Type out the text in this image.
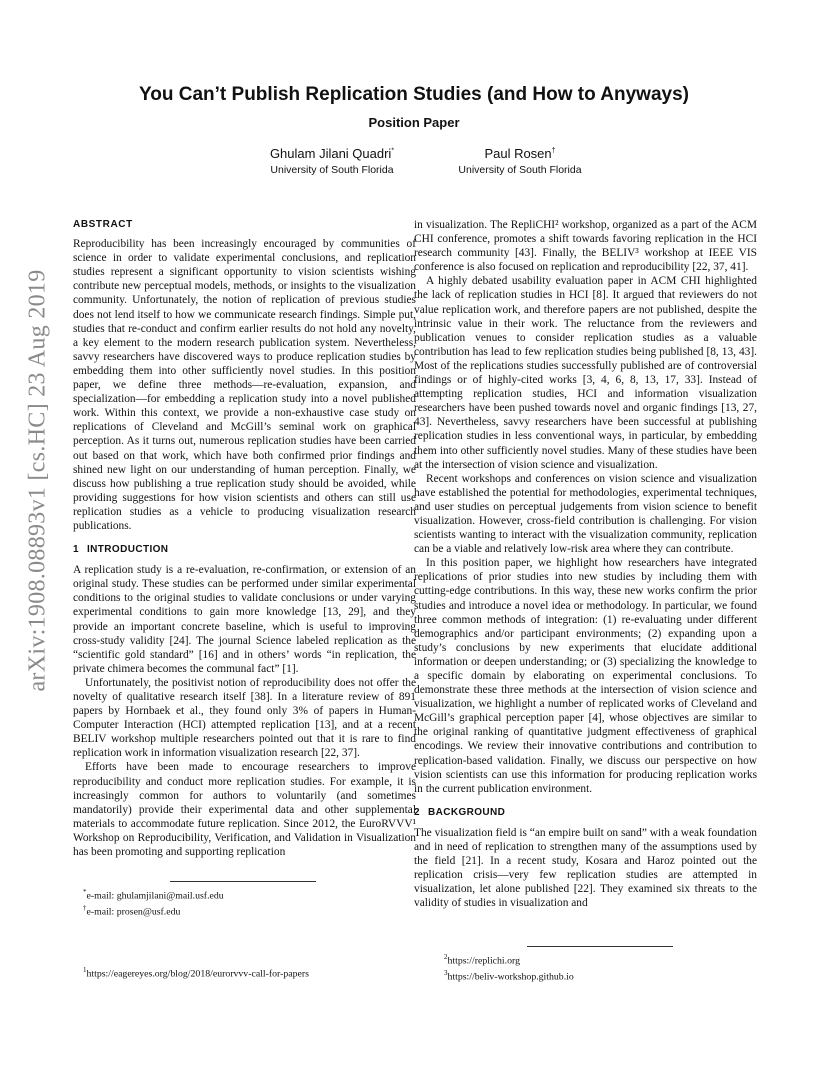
arXiv:1908.08893v1 [cs.HC] 23 Aug 2019
You Can’t Publish Replication Studies (and How to Anyways)
Position Paper
Ghulam Jilani Quadri*
University of South Florida
Paul Rosen†
University of South Florida
ABSTRACT

Reproducibility has been increasingly encouraged by communities of science in order to validate experimental conclusions, and replication studies represent a significant opportunity to vision scientists wishing contribute new perceptual models, methods, or insights to the visualization community. Unfortunately, the notion of replication of previous studies does not lend itself to how we communicate research findings. Simple put, studies that re-conduct and confirm earlier results do not hold any novelty, a key element to the modern research publication system. Nevertheless, savvy researchers have discovered ways to produce replication studies by embedding them into other sufficiently novel studies. In this position paper, we define three methods—re-evaluation, expansion, and specialization—for embedding a replication study into a novel published work. Within this context, we provide a non-exhaustive case study on replications of Cleveland and McGill’s seminal work on graphical perception. As it turns out, numerous replication studies have been carried out based on that work, which have both confirmed prior findings and shined new light on our understanding of human perception. Finally, we discuss how publishing a true replication study should be avoided, while providing suggestions for how vision scientists and others can still use replication studies as a vehicle to producing visualization research publications.

1 INTRODUCTION

A replication study is a re-evaluation, re-confirmation, or extension of an original study. These studies can be performed under similar experimental conditions to the original studies to validate conclusions or under varying experimental conditions to gain more knowledge [13, 29], and they provide an important concrete baseline, which is useful to improving cross-study validity [24]. The journal Science labeled replication as the “scientific gold standard” [16] and in others’ words “in replication, the private chimera becomes the communal fact” [1].

Unfortunately, the positivist notion of reproducibility does not offer the novelty of qualitative research itself [38]. In a literature review of 891 papers by Hornbaek et al., they found only 3% of papers in Human-Computer Interaction (HCI) attempted replication [13], and at a recent BELIV workshop multiple researchers pointed out that it is rare to find replication work in information visualization research [22, 37].

Efforts have been made to encourage researchers to improve reproducibility and conduct more replication studies. For example, it is increasingly common for authors to voluntarily (and sometimes mandatorily) provide their experimental data and other supplemental materials to accommodate future replication. Since 2012, the EuroRVVV¹ Workshop on Reproducibility, Verification, and Validation in Visualization has been promoting and supporting replication

*e-mail: ghulamjilani@mail.usf.edu
†e-mail: prosen@usf.edu
$^1$https://eagereyes.org/blog/2018/eurorvvv-call-for-papers

in visualization. The RepliCHI² workshop, organized as a part of the ACM CHI conference, promotes a shift towards favoring replication in the HCI research community [43]. Finally, the BELIV³ workshop at IEEE VIS conference is also focused on replication and reproducibility [22, 37, 41].

A highly debated usability evaluation paper in ACM CHI highlighted the lack of replication studies in HCI [8]. It argued that reviewers do not value replication work, and therefore papers are not published, despite the intrinsic value in their work. The reluctance from the reviewers and publication venues to consider replication studies as a valuable contribution has lead to few replication studies being published [8, 13, 43]. Most of the replications studies successfully published are of controversial findings or of highly-cited works [3, 4, 6, 8, 13, 17, 33]. Instead of attempting replication studies, HCI and information visualization researchers have been pushed towards novel and organic findings [13, 27, 43]. Nevertheless, savvy researchers have been successful at publishing replication studies in less conventional ways, in particular, by embedding them into other sufficiently novel studies. Many of these studies have been at the intersection of vision science and visualization.

Recent workshops and conferences on vision science and visualization have established the potential for methodologies, experimental techniques, and user studies on perceptual judgements from vision science to benefit visualization. However, cross-field contribution is challenging. For vision scientists wanting to interact with the visualization community, replication can be a viable and relatively low-risk area where they can contribute.

In this position paper, we highlight how researchers have integrated replications of prior studies into new studies by including them with cutting-edge contributions. In this way, these new works confirm the prior studies and introduce a novel idea or methodology. In particular, we found three common methods of integration: (1) re-evaluating under different demographics and/or participant environments; (2) expanding upon a study’s conclusions by new experiments that elucidate additional information or deepen understanding; or (3) specializing the knowledge to a specific domain by elaborating on experimental conclusions. To demonstrate these three methods at the intersection of vision science and visualization, we highlight a number of replicated works of Cleveland and McGill’s graphical perception paper [4], whose objectives are similar to the original ranking of quantitative judgment effectiveness of graphical encodings. We review their innovative contributions and contribution to replication-based validation. Finally, we discuss our perspective on how vision scientists can use this information for producing replication works in the current publication environment.

2 BACKGROUND

The visualization field is “an empire built on sand” with a weak foundation and in need of replication to strengthen many of the assumptions used by the field [21]. In a recent study, Kosara and Haroz pointed out the replication crisis—very few replication studies are attempted in visualization, let alone published [22]. They examined six threats to the validity of studies in visualization and

$^2$https://replichi.org
$^3$https://beliv-workshop.github.io
